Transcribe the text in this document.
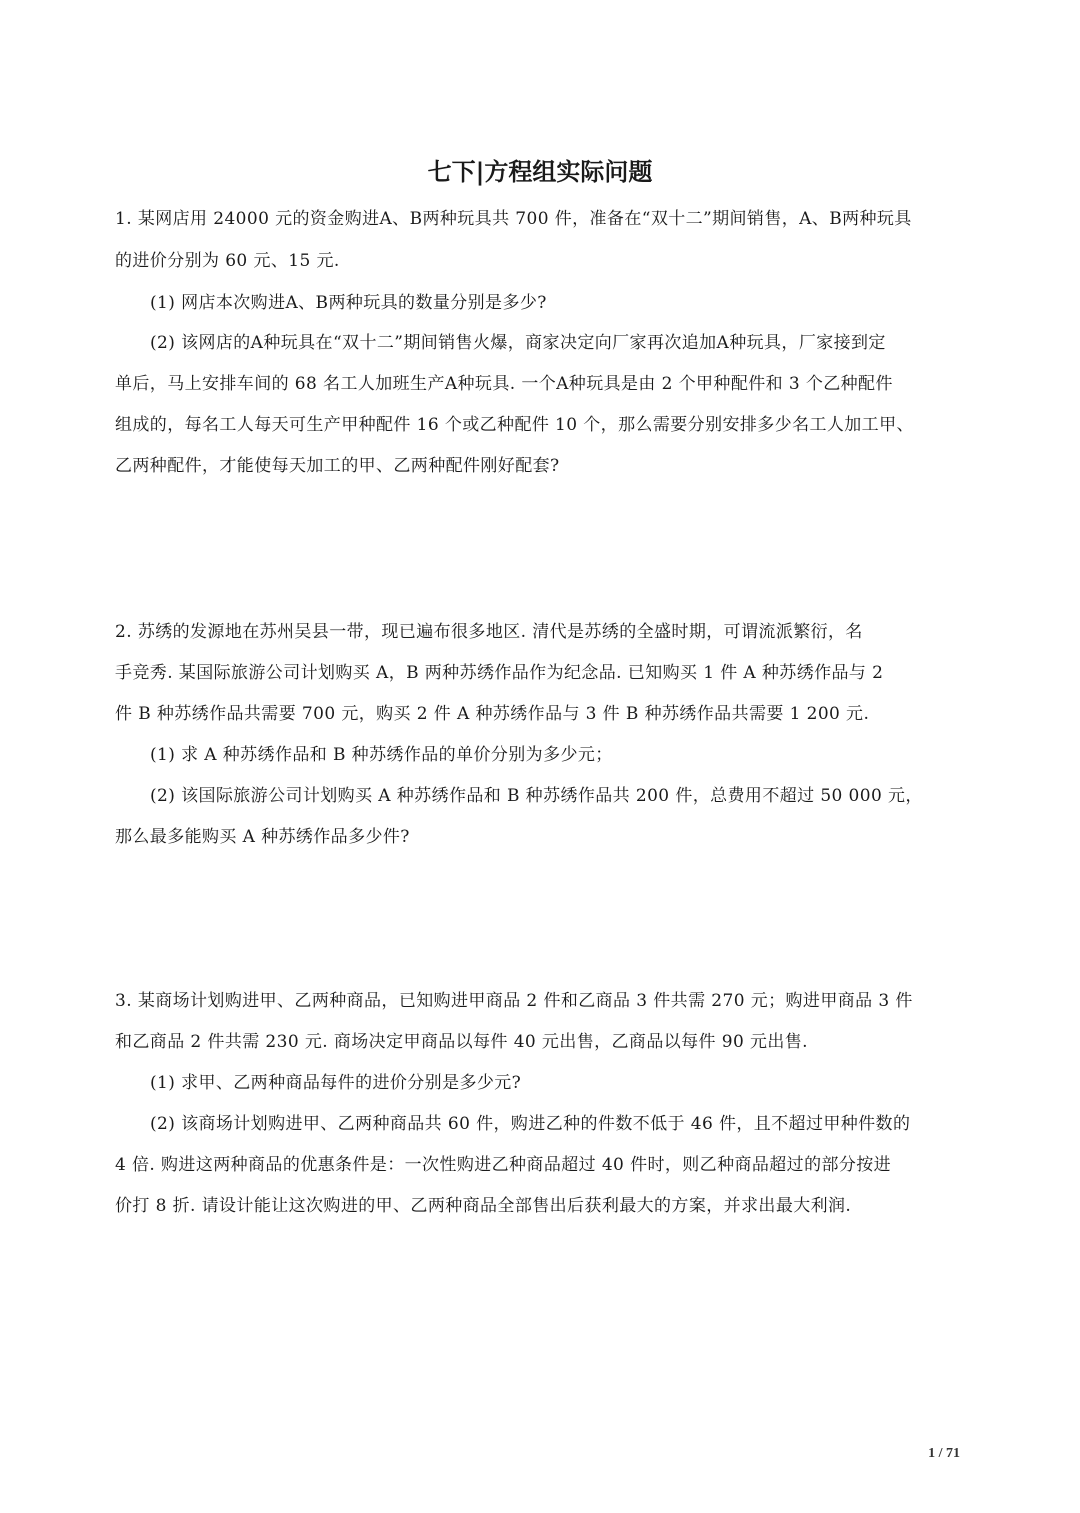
七下|方程组实际问题
1. 某网店用 24000 元的资金购进A、B两种玩具共 700 件，准备在“双十二”期间销售，A、B两种玩具
的进价分别为 60 元、15 元.
(1) 网店本次购进A、B两种玩具的数量分别是多少?
(2) 该网店的A种玩具在“双十二”期间销售火爆，商家决定向厂家再次追加A种玩具，厂家接到定
单后，马上安排车间的 68 名工人加班生产A种玩具. 一个A种玩具是由 2 个甲种配件和 3 个乙种配件
组成的，每名工人每天可生产甲种配件 16 个或乙种配件 10 个，那么需要分别安排多少名工人加工甲、
乙两种配件，才能使每天加工的甲、乙两种配件刚好配套?
2. 苏绣的发源地在苏州吴县一带，现已遍布很多地区. 清代是苏绣的全盛时期，可谓流派繁衍，名
手竞秀. 某国际旅游公司计划购买 A，B 两种苏绣作品作为纪念品. 已知购买 1 件 A 种苏绣作品与 2
件 B 种苏绣作品共需要 700 元，购买 2 件 A 种苏绣作品与 3 件 B 种苏绣作品共需要 1 200 元.
(1) 求 A 种苏绣作品和 B 种苏绣作品的单价分别为多少元；
(2) 该国际旅游公司计划购买 A 种苏绣作品和 B 种苏绣作品共 200 件，总费用不超过 50 000 元，
那么最多能购买 A 种苏绣作品多少件?
3. 某商场计划购进甲、乙两种商品，已知购进甲商品 2 件和乙商品 3 件共需 270 元；购进甲商品 3 件
和乙商品 2 件共需 230 元. 商场决定甲商品以每件 40 元出售，乙商品以每件 90 元出售.
(1) 求甲、乙两种商品每件的进价分别是多少元?
(2) 该商场计划购进甲、乙两种商品共 60 件，购进乙种的件数不低于 46 件，且不超过甲种件数的
4 倍. 购进这两种商品的优惠条件是：一次性购进乙种商品超过 40 件时，则乙种商品超过的部分按进
价打 8 折. 请设计能让这次购进的甲、乙两种商品全部售出后获利最大的方案，并求出最大利润.
1 / 71
